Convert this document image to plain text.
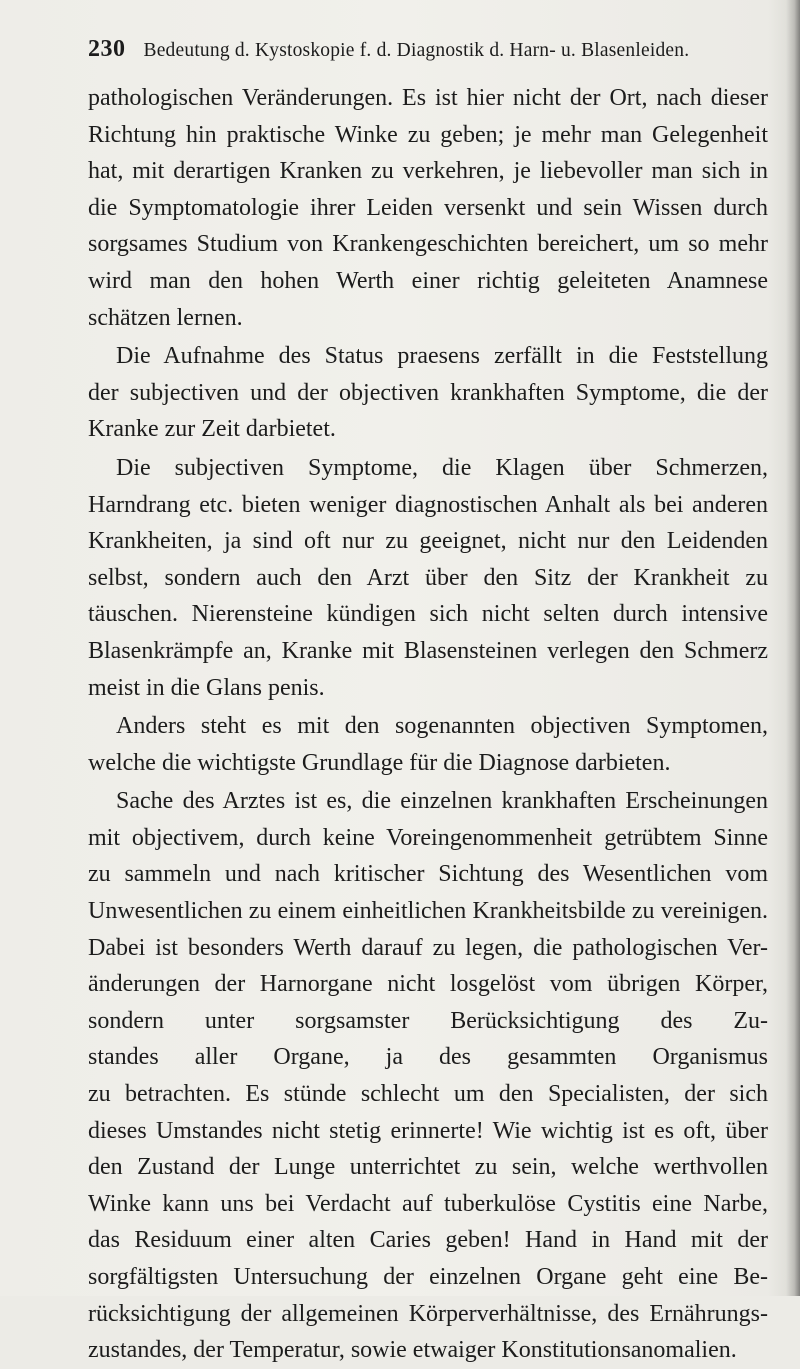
230 Bedeutung d. Kystoskopie f. d. Diagnostik d. Harn- u. Blasenleiden.
pathologischen Veränderungen. Es ist hier nicht der Ort, nach dieser
Richtung hin praktische Winke zu geben; je mehr man Gelegenheit
hat, mit derartigen Kranken zu verkehren, je liebevoller man sich in
die Symptomatologie ihrer Leiden versenkt und sein Wissen durch
sorgsames Studium von Krankengeschichten bereichert, um so mehr
wird man den hohen Werth einer richtig geleiteten Anamnese
schätzen lernen.
Die Aufnahme des Status praesens zerfällt in die Feststellung
der subjectiven und der objectiven krankhaften Symptome, die der
Kranke zur Zeit darbietet.
Die subjectiven Symptome, die Klagen über Schmerzen,
Harndrang etc. bieten weniger diagnostischen Anhalt als bei anderen
Krankheiten, ja sind oft nur zu geeignet, nicht nur den Leidenden
selbst, sondern auch den Arzt über den Sitz der Krankheit zu
täuschen. Nierensteine kündigen sich nicht selten durch intensive
Blasenkrämpfe an, Kranke mit Blasensteinen verlegen den Schmerz
meist in die Glans penis.
Anders steht es mit den sogenannten objectiven Symptomen,
welche die wichtigste Grundlage für die Diagnose darbieten.
Sache des Arztes ist es, die einzelnen krankhaften Erscheinungen
mit objectivem, durch keine Voreingenommenheit getrübtem Sinne
zu sammeln und nach kritischer Sichtung des Wesentlichen vom
Unwesentlichen zu einem einheitlichen Krankheitsbilde zu vereinigen.
Dabei ist besonders Werth darauf zu legen, die pathologischen Ver-
änderungen der Harnorgane nicht losgelöst vom übrigen Körper,
sondern unter sorgsamster Berücksichtigung des Zu-
standes aller Organe, ja des gesammten Organismus
zu betrachten. Es stünde schlecht um den Specialisten, der sich
dieses Umstandes nicht stetig erinnerte! Wie wichtig ist es oft, über
den Zustand der Lunge unterrichtet zu sein, welche werthvollen
Winke kann uns bei Verdacht auf tuberkulöse Cystitis eine Narbe,
das Residuum einer alten Caries geben! Hand in Hand mit der
sorgfältigsten Untersuchung der einzelnen Organe geht eine Be-
rücksichtigung der allgemeinen Körperverhältnisse, des Ernährungs-
zustandes, der Temperatur, sowie etwaiger Konstitutionsanomalien.
